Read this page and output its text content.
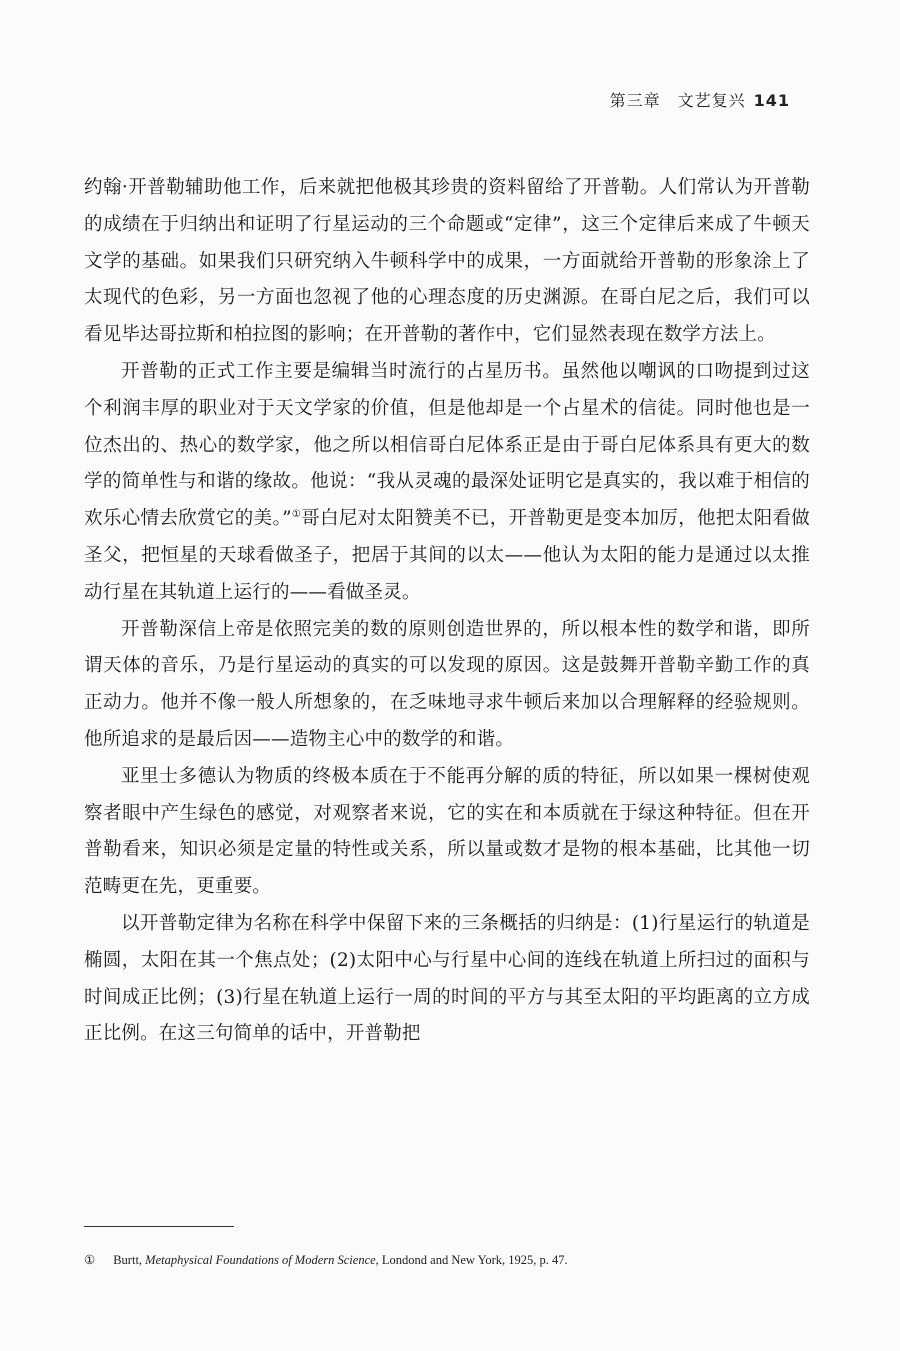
第三章　文艺复兴 141

约翰·开普勒辅助他工作，后来就把他极其珍贵的资料留给了开普勒。人们常认为开普勒的成绩在于归纳出和证明了行星运动的三个命题或“定律”，这三个定律后来成了牛顿天文学的基础。如果我们只研究纳入牛顿科学中的成果，一方面就给开普勒的形象涂上了太现代的色彩，另一方面也忽视了他的心理态度的历史渊源。在哥白尼之后，我们可以看见毕达哥拉斯和柏拉图的影响；在开普勒的著作中，它们显然表现在数学方法上。

开普勒的正式工作主要是编辑当时流行的占星历书。虽然他以嘲讽的口吻提到过这个利润丰厚的职业对于天文学家的价值，但是他却是一个占星术的信徒。同时他也是一位杰出的、热心的数学家，他之所以相信哥白尼体系正是由于哥白尼体系具有更大的数学的简单性与和谐的缘故。他说：“我从灵魂的最深处证明它是真实的，我以难于相信的欢乐心情去欣赏它的美。”①哥白尼对太阳赞美不已，开普勒更是变本加厉，他把太阳看做圣父，把恒星的天球看做圣子，把居于其间的以太——他认为太阳的能力是通过以太推动行星在其轨道上运行的——看做圣灵。

开普勒深信上帝是依照完美的数的原则创造世界的，所以根本性的数学和谐，即所谓天体的音乐，乃是行星运动的真实的可以发现的原因。这是鼓舞开普勒辛勤工作的真正动力。他并不像一般人所想象的，在乏味地寻求牛顿后来加以合理解释的经验规则。他所追求的是最后因——造物主心中的数学的和谐。

亚里士多德认为物质的终极本质在于不能再分解的质的特征，所以如果一棵树使观察者眼中产生绿色的感觉，对观察者来说，它的实在和本质就在于绿这种特征。但在开普勒看来，知识必须是定量的特性或关系，所以量或数才是物的根本基础，比其他一切范畴更在先，更重要。

以开普勒定律为名称在科学中保留下来的三条概括的归纳是：(1)行星运行的轨道是椭圆，太阳在其一个焦点处；(2)太阳中心与行星中心间的连线在轨道上所扫过的面积与时间成正比例；(3)行星在轨道上运行一周的时间的平方与其至太阳的平均距离的立方成正比例。在这三句简单的话中，开普勒把

① Burtt, Metaphysical Foundations of Modern Science, Londond and New York, 1925, p. 47.
